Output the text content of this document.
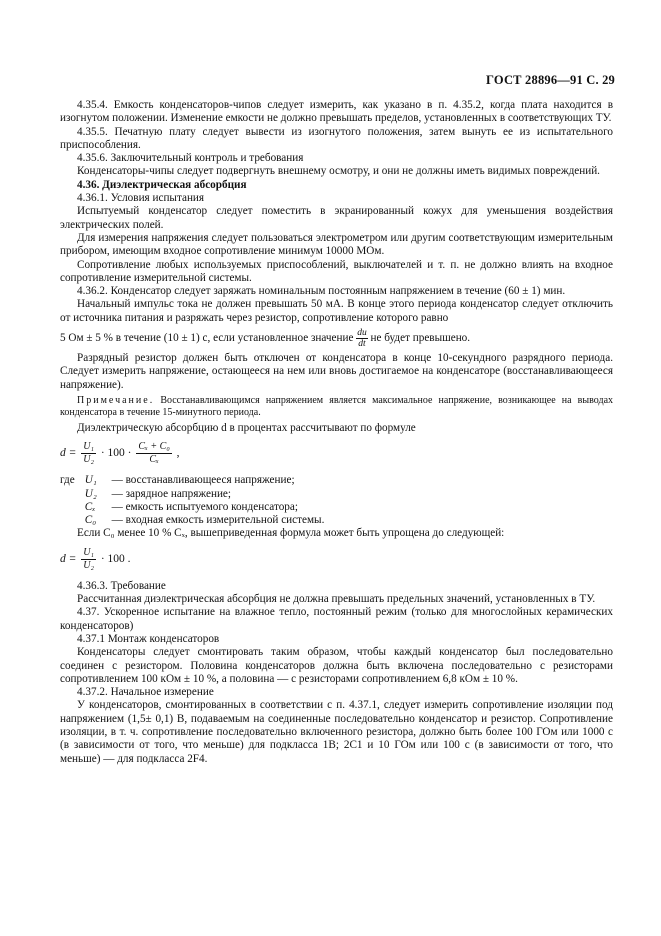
ГОСТ 28896—91 С. 29

4.35.4. Емкость конденсаторов-чипов следует измерить, как указано в п. 4.35.2, когда плата находится в изогнутом положении. Изменение емкости не должно превышать пределов, установленных в соответствующих ТУ.

4.35.5. Печатную плату следует вывести из изогнутого положения, затем вынуть ее из испытательного приспособления.

4.35.6. Заключительный контроль и требования

Конденсаторы-чипы следует подвергнуть внешнему осмотру, и они не должны иметь видимых повреждений.

4.36. Диэлектрическая абсорбция

4.36.1. Условия испытания

Испытуемый конденсатор следует поместить в экранированный кожух для уменьшения воздействия электрических полей.

Для измерения напряжения следует пользоваться электрометром или другим соответствующим измерительным прибором, имеющим входное сопротивление минимум 10000 МОм.

Сопротивление любых используемых приспособлений, выключателей и т. п. не должно влиять на входное сопротивление измерительной системы.

4.36.2. Конденсатор следует заряжать номинальным постоянным напряжением в течение (60 ± 1) мин.

Начальный импульс тока не должен превышать 50 мА. В конце этого периода конденсатор следует отключить от источника питания и разряжать через резистор, сопротивление которого равно

5 Ом ± 5 % в течение (10 ± 1) с, если установленное значение $\frac{du}{dt}$ не будет превышено.

Разрядный резистор должен быть отключен от конденсатора в конце 10-секундного разрядного периода. Следует измерить напряжение, остающееся на нем или вновь достигаемое на конденсаторе (восстанавливающееся напряжение).

Примечание. Восстанавливающимся напряжением является максимальное напряжение, возникающее на выводах конденсатора в течение 15-минутного периода.

Диэлектрическую абсорбцию d в процентах рассчитывают по формуле

$d = \frac{\text{U₁}}{\text{U₂}} \cdot 100 \cdot \frac{\text{Cₓ + C₀}}{\text{Cₓ}}$ ,

где U₁ — восстанавливающееся напряжение;

U₂ — зарядное напряжение;

Cₓ — емкость испытуемого конденсатора;

C₀ — входная емкость измерительной системы.

Если C₀ менее 10 % Cₓ, вышеприведенная формула может быть упрощена до следующей:

$d = \frac{\text{U₁}}{\text{U₂}} \cdot 100$ .

4.36.3. Требование

Рассчитанная диэлектрическая абсорбция не должна превышать предельных значений, установленных в ТУ.

4.37. Ускоренное испытание на влажное тепло, постоянный режим (только для многослойных керамических конденсаторов)

4.37.1 Монтаж конденсаторов

Конденсаторы следует смонтировать таким образом, чтобы каждый конденсатор был последовательно соединен с резистором. Половина конденсаторов должна быть включена последовательно с резисторами сопротивлением 100 кОм ± 10 %, а половина — с резисторами сопротивлением 6,8 кОм ± 10 %.

4.37.2. Начальное измерение

У конденсаторов, смонтированных в соответствии с п. 4.37.1, следует измерить сопротивление изоляции под напряжением (1,5± 0,1) В, подаваемым на соединенные последовательно конденсатор и резистор. Сопротивление изоляции, в т. ч. сопротивление последовательно включенного резистора, должно быть более 100 ГОм или 1000 с (в зависимости от того, что меньше) для подкласса 1В; 2С1 и 10 ГОм или 100 с (в зависимости от того, что меньше) — для подкласса 2F4.
